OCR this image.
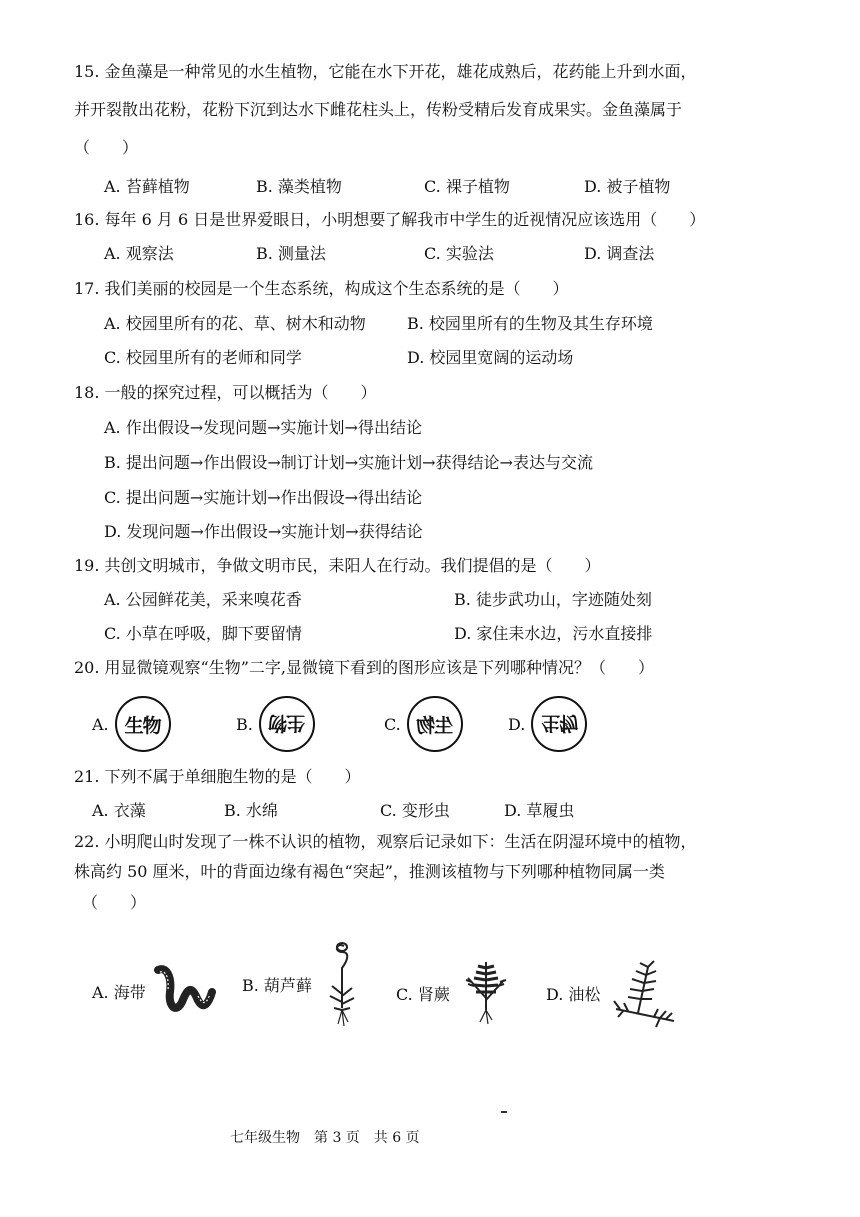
15. 金鱼藻是一种常见的水生植物，它能在水下开花，雄花成熟后，花药能上升到水面，
并开裂散出花粉，花粉下沉到达水下雌花柱头上，传粉受精后发育成果实。金鱼藻属于
（　　）
A. 苔藓植物	B. 藻类植物	C. 裸子植物	D. 被子植物
16. 每年 6 月 6 日是世界爱眼日，小明想要了解我市中学生的近视情况应该选用（　　）
A. 观察法	B. 测量法	C. 实验法	D. 调查法
17. 我们美丽的校园是一个生态系统，构成这个生态系统的是（　　）
A. 校园里所有的花、草、树木和动物	B. 校园里所有的生物及其生存环境
C. 校园里所有的老师和同学	D. 校园里宽阔的运动场
18. 一般的探究过程，可以概括为（　　）
A. 作出假设→发现问题→实施计划→得出结论
B. 提出问题→作出假设→制订计划→实施计划→获得结论→表达与交流
C. 提出问题→实施计划→作出假设→得出结论
D. 发现问题→作出假设→实施计划→获得结论
19. 共创文明城市，争做文明市民，耒阳人在行动。我们提倡的是（　　）
A. 公园鲜花美，采来嗅花香	B. 徒步武功山，字迹随处刻
C. 小草在呼吸，脚下要留情	D. 家住耒水边，污水直接排
20. 用显微镜观察“生物”二字,显微镜下看到的图形应该是下列哪种情况？（　　）
A. 生物	B. 生物	C. 生物	D. 生物
21. 下列不属于单细胞生物的是（　　）
A. 衣藻	B. 水绵	C. 变形虫	D. 草履虫
22. 小明爬山时发现了一株不认识的植物，观察后记录如下：生活在阴湿环境中的植物，
株高约 50 厘米，叶的背面边缘有褐色“突起”，推测该植物与下列哪种植物同属一类
（　　）
A. 海带	B. 葫芦藓	C. 肾蕨	D. 油松
七年级生物　第 3 页　共 6 页
